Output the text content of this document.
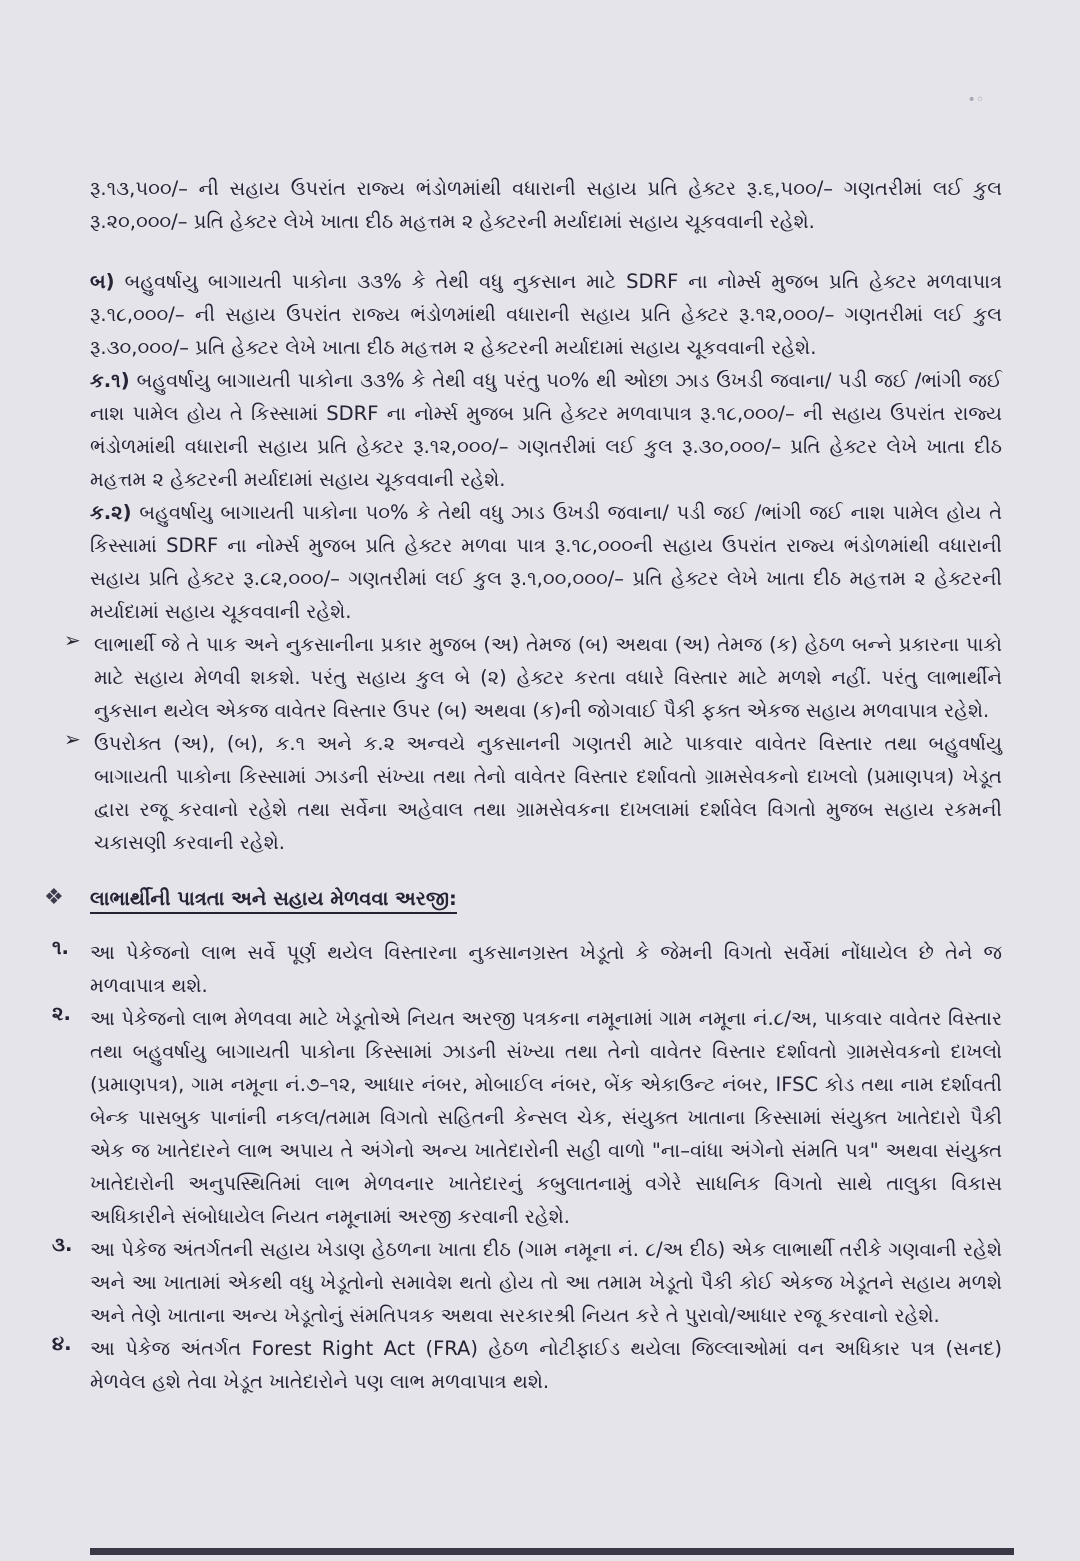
•◦

રૂ.૧૩,૫૦૦/– ની સહાય ઉપરાંત રાજ્ય ભંડોળમાંથી વધારાની સહાય પ્રતિ હેક્ટર રૂ.૬,૫૦૦/– ગણતરીમાં લઈ કુલ રૂ.૨૦,૦૦૦/– પ્રતિ હેક્ટર લેખે ખાતા દીઠ મહત્તમ ૨ હેક્ટરની મર્યાદામાં સહાય ચૂકવવાની રહેશે.

બ) બહુવર્ષાયુ બાગાયતી પાકોના ૩૩% કે તેથી વધુ નુકસાન માટે SDRF ના નોર્મ્સ મુજબ પ્રતિ હેક્ટર મળવાપાત્ર રૂ.૧૮,૦૦૦/– ની સહાય ઉપરાંત રાજ્ય ભંડોળમાંથી વધારાની સહાય પ્રતિ હેક્ટર રૂ.૧૨,૦૦૦/– ગણતરીમાં લઈ કુલ રૂ.૩૦,૦૦૦/– પ્રતિ હેક્ટર લેખે ખાતા દીઠ મહત્તમ ૨ હેક્ટરની મર્યાદામાં સહાય ચૂકવવાની રહેશે.

ક.૧) બહુવર્ષાયુ બાગાયતી પાકોના ૩૩% કે તેથી વધુ પરંતુ ૫૦% થી ઓછા ઝાડ ઉખડી જવાના/ પડી જઈ /ભાંગી જઈ નાશ પામેલ હોય તે કિસ્સામાં SDRF ના નોર્મ્સ મુજબ પ્રતિ હેક્ટર મળવાપાત્ર રૂ.૧૮,૦૦૦/– ની સહાય ઉપરાંત રાજ્ય ભંડોળમાંથી વધારાની સહાય પ્રતિ હેક્ટર રૂ.૧૨,૦૦૦/– ગણતરીમાં લઈ કુલ રૂ.૩૦,૦૦૦/– પ્રતિ હેક્ટર લેખે ખાતા દીઠ મહત્તમ ૨ હેક્ટરની મર્યાદામાં સહાય ચૂકવવાની રહેશે.

ક.૨) બહુવર્ષાયુ બાગાયતી પાકોના ૫૦% કે તેથી વધુ ઝાડ ઉખડી જવાના/ પડી જઈ /ભાંગી જઈ નાશ પામેલ હોય તે કિસ્સામાં SDRF ના નોર્મ્સ મુજબ પ્રતિ હેક્ટર મળવા પાત્ર રૂ.૧૮,૦૦૦ની સહાય ઉપરાંત રાજ્ય ભંડોળમાંથી વધારાની સહાય પ્રતિ હેક્ટર રૂ.૮૨,૦૦૦/– ગણતરીમાં લઈ કુલ રૂ.૧,૦૦,૦૦૦/– પ્રતિ હેક્ટર લેખે ખાતા દીઠ મહત્તમ ૨ હેક્ટરની મર્યાદામાં સહાય ચૂકવવાની રહેશે.

➢ લાભાર્થી જે તે પાક અને નુકસાનીના પ્રકાર મુજબ (અ) તેમજ (બ) અથવા (અ) તેમજ (ક) હેઠળ બન્ને પ્રકારના પાકો માટે સહાય મેળવી શકશે. પરંતુ સહાય કુલ બે (૨) હેક્ટર કરતા વધારે વિસ્તાર માટે મળશે નહીં. પરંતુ લાભાર્થીને નુકસાન થયેલ એકજ વાવેતર વિસ્તાર ઉપર (બ) અથવા (ક)ની જોગવાઈ પૈકી ફક્ત એકજ સહાય મળવાપાત્ર રહેશે.

➢ ઉપરોક્ત (અ), (બ), ક.૧ અને ક.૨ અન્વયે નુકસાનની ગણતરી માટે પાકવાર વાવેતર વિસ્તાર તથા બહુવર્ષાયુ બાગાયતી પાકોના કિસ્સામાં ઝાડની સંખ્યા તથા તેનો વાવેતર વિસ્તાર દર્શાવતો ગ્રામસેવકનો દાખલો (પ્રમાણપત્ર) ખેડૂત દ્વારા રજૂ કરવાનો રહેશે તથા સર્વેના અહેવાલ તથા ગ્રામસેવકના દાખલામાં દર્શાવેલ વિગતો મુજબ સહાય રકમની ચકાસણી કરવાની રહેશે.

❖ લાભાર્થીની પાત્રતા અને સહાય મેળવવા અરજી:
૧. આ પેકેજનો લાભ સર્વે પૂર્ણ થયેલ વિસ્તારના નુકસાનગ્રસ્ત ખેડૂતો કે જેમની વિગતો સર્વેમાં નોંધાયેલ છે તેને જ મળવાપાત્ર થશે.

૨. આ પેકેજનો લાભ મેળવવા માટે ખેડૂતોએ નિયત અરજી પત્રકના નમૂનામાં ગામ નમૂના નં.૮/અ, પાકવાર વાવેતર વિસ્તાર તથા બહુવર્ષાયુ બાગાયતી પાકોના કિસ્સામાં ઝાડની સંખ્યા તથા તેનો વાવેતર વિસ્તાર દર્શાવતો ગ્રામસેવકનો દાખલો (પ્રમાણપત્ર), ગામ નમૂના નં.૭–૧૨, આધાર નંબર, મોબાઈલ નંબર, બેંક એકાઉન્ટ નંબર, IFSC કોડ તથા નામ દર્શાવતી બેન્ક પાસબુક પાનાંની નકલ/તમામ વિગતો સહિતની કેન્સલ ચેક, સંયુક્ત ખાતાના કિસ્સામાં સંયુક્ત ખાતેદારો પૈકી એક જ ખાતેદારને લાભ અપાય તે અંગેનો અન્ય ખાતેદારોની સહી વાળો "ના–વાંધા અંગેનો સંમતિ પત્ર" અથવા સંયુક્ત ખાતેદારોની અનુપસ્થિતિમાં લાભ મેળવનાર ખાતેદારનું કબુલાતનામું વગેરે સાધનિક વિગતો સાથે તાલુકા વિકાસ અધિકારીને સંબોધાયેલ નિયત નમૂનામાં અરજી કરવાની રહેશે.

૩. આ પેકેજ અંતર્ગતની સહાય ખેડાણ હેઠળના ખાતા દીઠ (ગામ નમૂના નં. ૮/અ દીઠ) એક લાભાર્થી તરીકે ગણવાની રહેશે અને આ ખાતામાં એકથી વધુ ખેડૂતોનો સમાવેશ થતો હોય તો આ તમામ ખેડૂતો પૈકી કોઈ એકજ ખેડૂતને સહાય મળશે અને તેણે ખાતાના અન્ય ખેડૂતોનું સંમતિપત્રક અથવા સરકારશ્રી નિયત કરે તે પુરાવો/આધાર રજૂ કરવાનો રહેશે.

૪. આ પેકેજ અંતર્ગત Forest Right Act (FRA) હેઠળ નોટીફાઈડ થયેલા જિલ્લાઓમાં વન અધિકાર પત્ર (સનદ) મેળવેલ હશે તેવા ખેડૂત ખાતેદારોને પણ લાભ મળવાપાત્ર થશે.
